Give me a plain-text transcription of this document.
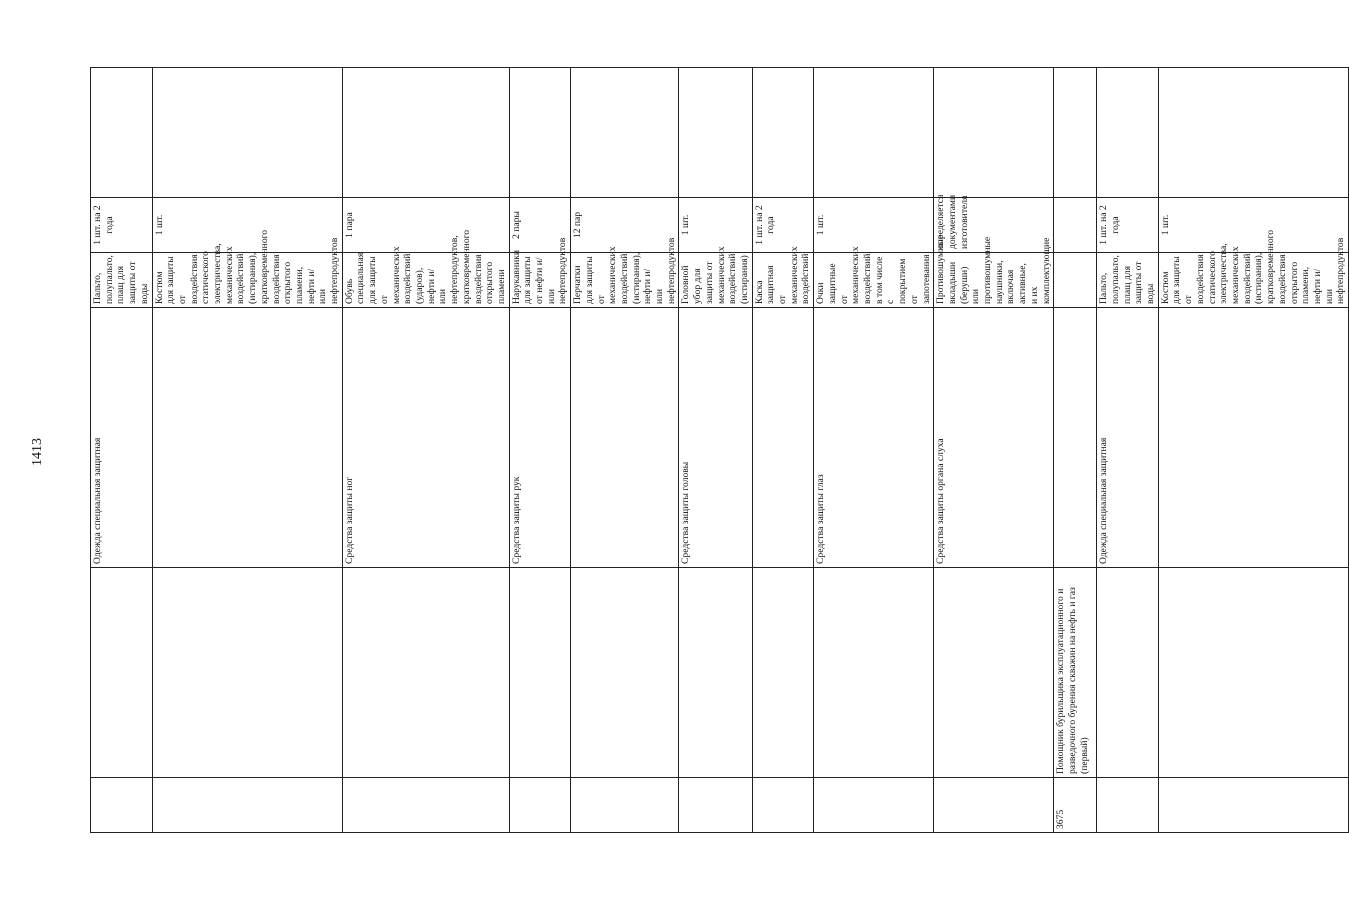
1413
			Одежда специальная защитная	Пальто, полупальто, плащ для защиты от воды	1 шт. на 2 года	
			Костюм для защиты от воздействия статического электричества, механических воздействий (истирания), кратковременного воздействия открытого пламени, нефти и/или нефтепродуктов	1 шт.	
		Средства защиты ног	Обувь специальная для защиты от механических воздействий (ударов), нефти и/или нефтепродуктов, кратковременного воздействия открытого пламени	1 пара	
		Средства защиты рук	Нарукавники для защиты от нефти и/или нефтепродуктов	2 пары	
			Перчатки для защиты от механических воздействий (истирания), нефти и/или нефтепродуктов	12 пар	
		Средства защиты головы	Головной убор для защиты от механических воздействий (истирания)	1 шт.	
			Каска защитная от механических воздействий	1 шт. на 2 года	
		Средства защиты глаз	Очки защитные от механических воздействий, в том числе с покрытием от запотевания	1 шт.	
		Средства защиты органа слуха	Противошумные вкладыши (беруши) или противошумные наушники, включая активные, и их комплектующие	определяется документами изготовителя	
3675	Помощник бурильщика эксплуатационного и разведочного бурения скважин на нефть и газ (первый)				
		Одежда специальная защитная	Пальто, полупальто, плащ для защиты от воды	1 шт. на 2 года	
			Костюм для защиты от воздействия статического электричества, механических воздействий (истирания), кратковременного воздействия открытого пламени, нефти и/или нефтепродуктов	1 шт.	
